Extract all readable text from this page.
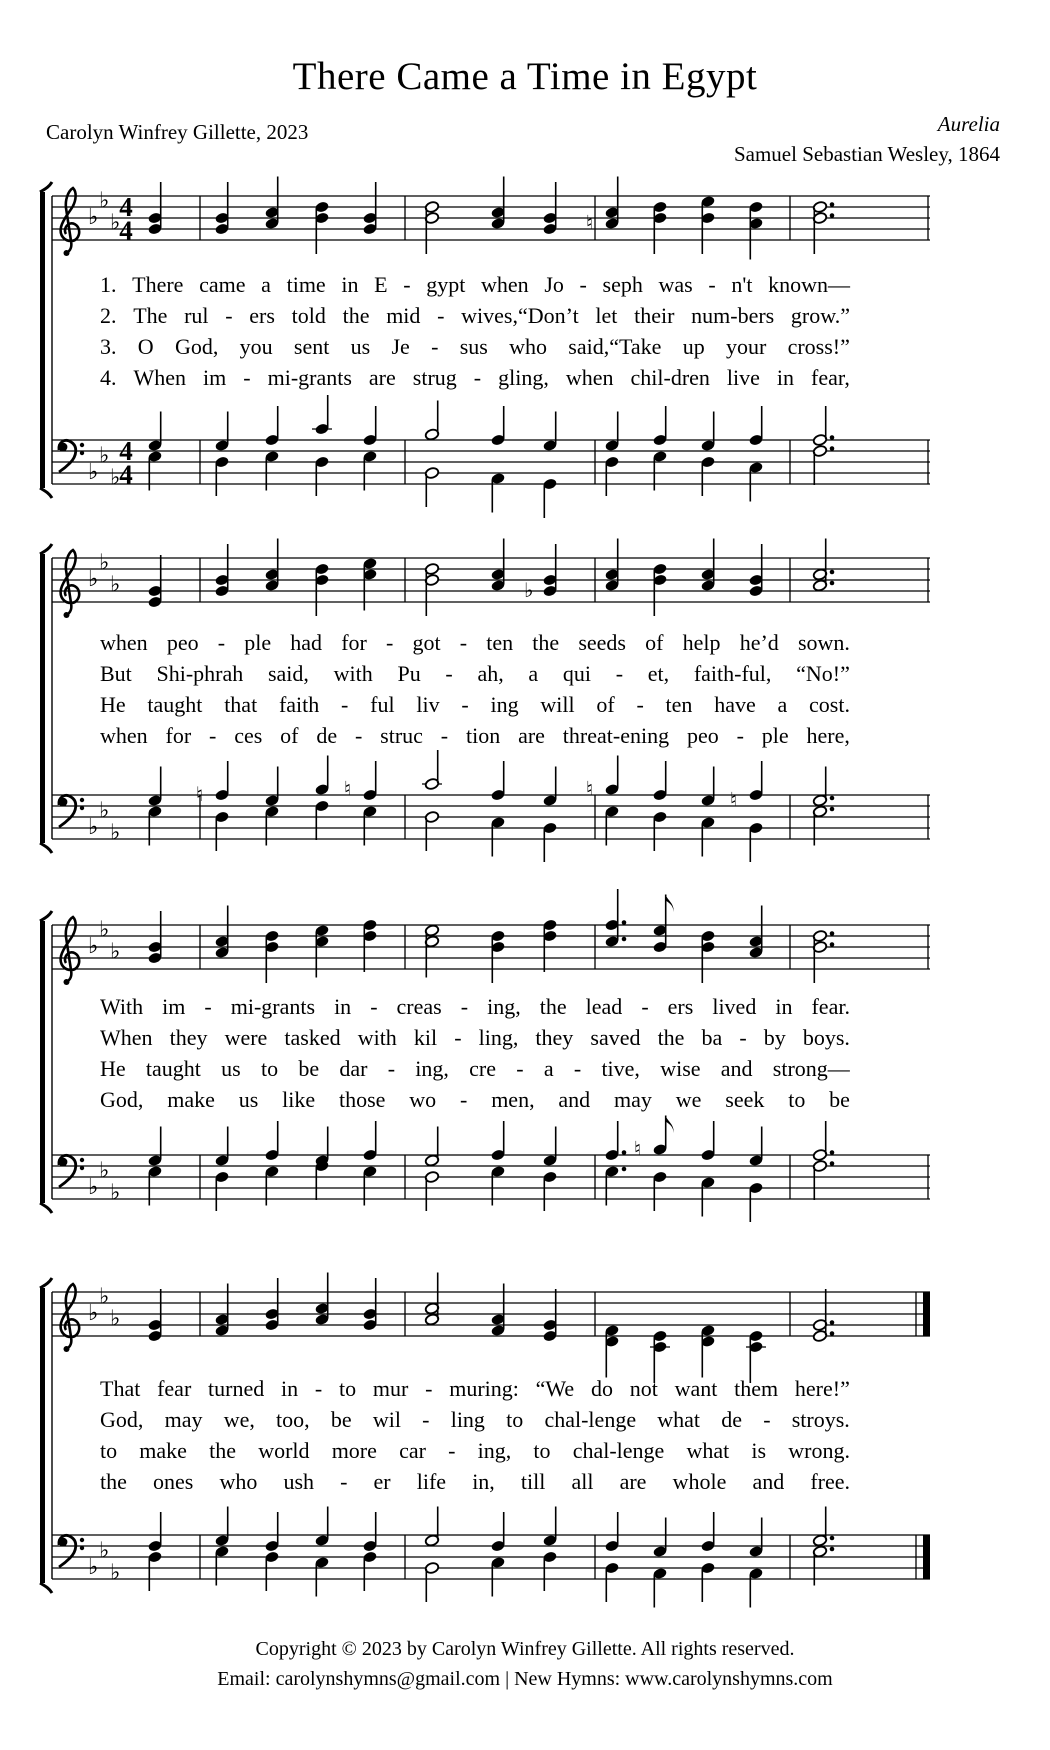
There Came a Time in Egypt
Carolyn Winfrey Gillette, 2023	Aurelia
Samuel Sebastian Wesley, 1864
♭
♭
♭
♭
♭
♭
4
4
4
4
♮
♭
♭
♭
♭
♭
♭
♭
♮	♮	♮	♮
♭
♭
♭
♭
♭
♭
♮
♭
♭
♭
♭
♭
♭
1. There came a time in E - gypt when Jo - seph was - n't known—
2. The rul - ers told the mid - wives,“Don’t let their num-bers grow.”
3. O God, you sent us Je - sus who said,“Take up your cross!”
4. When im - mi-grants are strug - gling, when chil-dren live in fear,
when peo - ple had for - got - ten the seeds of help he’d sown.
But Shi-phrah said, with Pu - ah, a qui - et, faith-ful, “No!”
He taught that faith - ful liv - ing will of - ten have a cost.
when for - ces of de - struc - tion are threat-ening peo - ple here,
With im - mi-grants in - creas - ing, the lead - ers lived in fear.
When they were tasked with kil - ling, they saved the ba - by boys.
He taught us to be dar - ing, cre - a - tive, wise and strong—
God, make us like those wo - men, and may we seek to be
That fear turned in - to mur - muring: “We do not want them here!”
God, may we, too, be wil - ling to chal-lenge what de - stroys.
to make the world more car - ing, to chal-lenge what is wrong.
the ones who ush - er life in, till all are whole and free.
Copyright © 2023 by Carolyn Winfrey Gillette. All rights reserved.
Email: carolynshymns@gmail.com | New Hymns: www.carolynshymns.com
